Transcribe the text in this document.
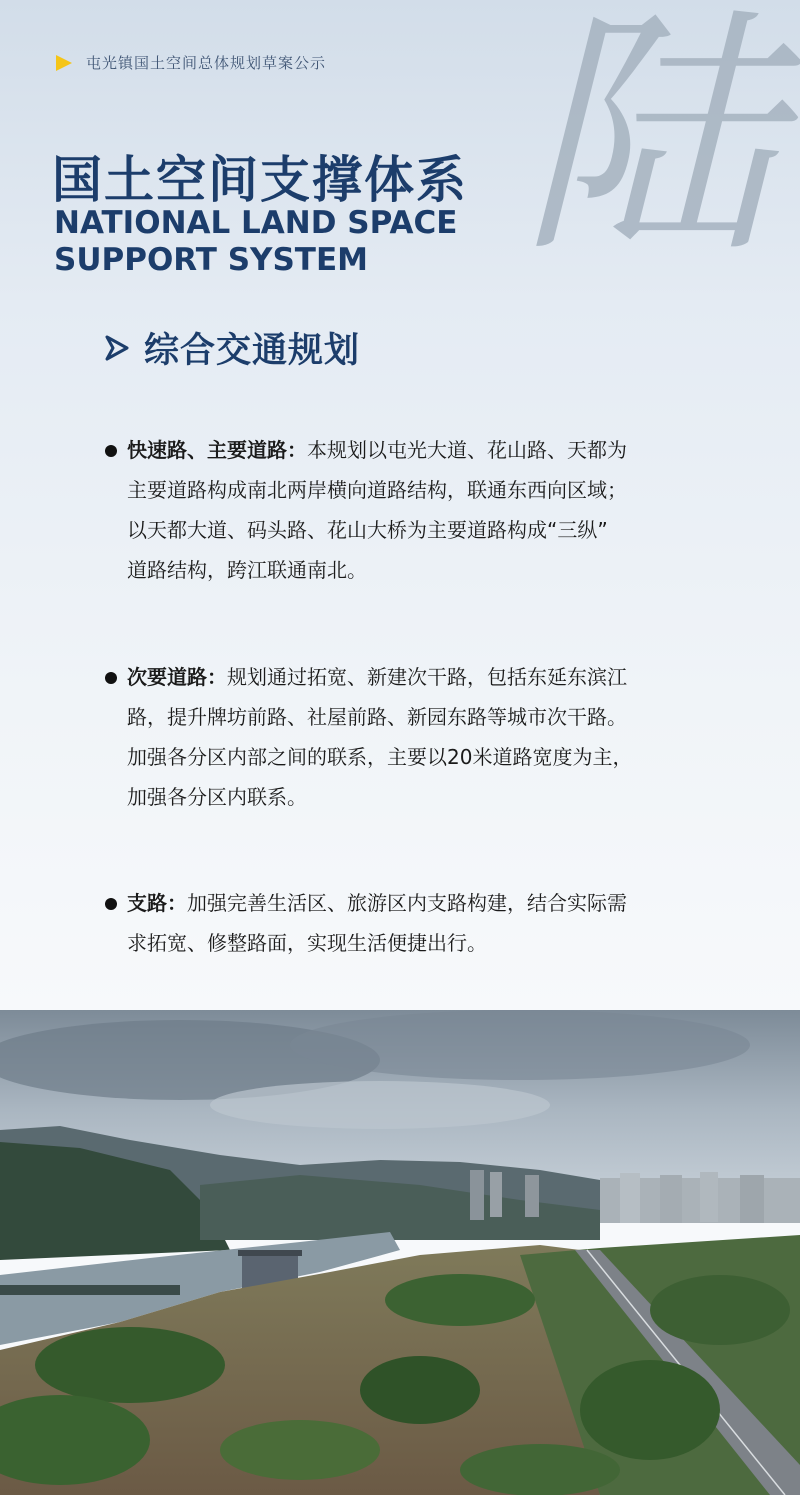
屯光镇国土空间总体规划草案公示 陆
国土空间支撑体系
NATIONAL LAND SPACE
SUPPORT SYSTEM
综合交通规划
快速路、主要道路：本规划以屯光大道、花山路、天都为
主要道路构成南北两岸横向道路结构，联通东西向区域；
以天都大道、码头路、花山大桥为主要道路构成“三纵”
道路结构，跨江联通南北。
次要道路：规划通过拓宽、新建次干路，包括东延东滨江
路，提升牌坊前路、社屋前路、新园东路等城市次干路。
加强各分区内部之间的联系，主要以20米道路宽度为主，
加强各分区内联系。
支路：加强完善生活区、旅游区内支路构建，结合实际需
求拓宽、修整路面，实现生活便捷出行。
